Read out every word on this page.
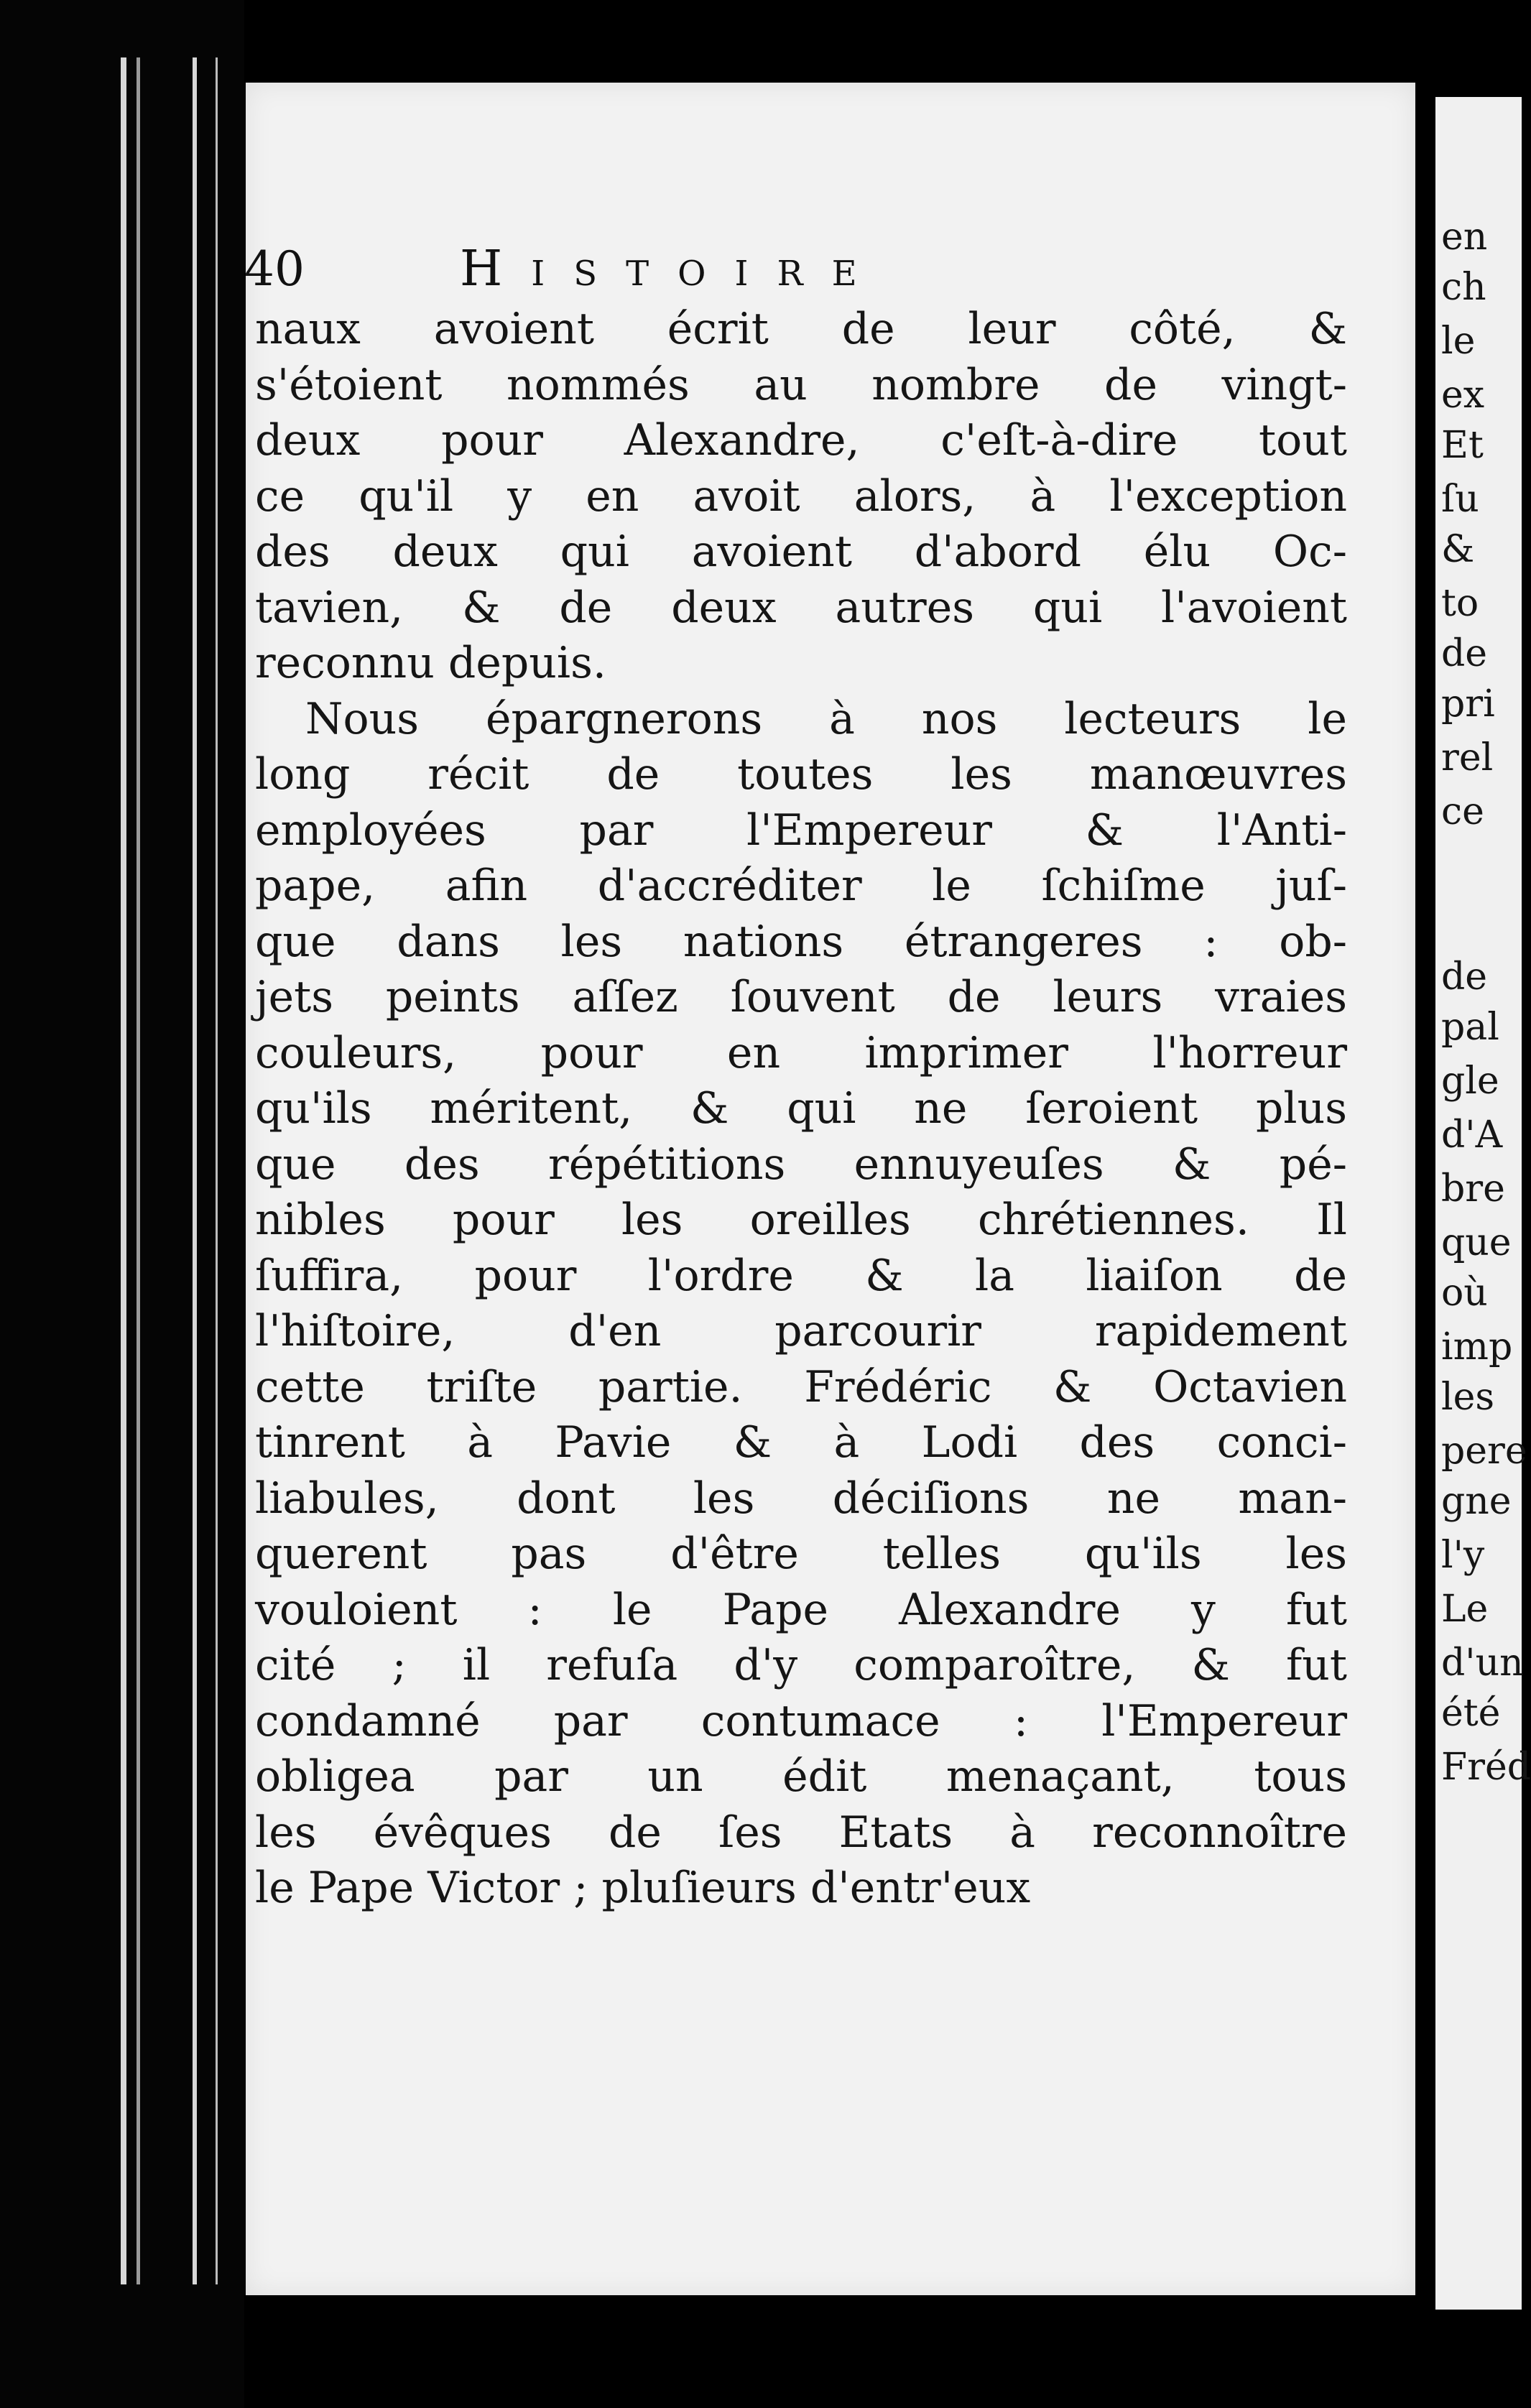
40	Histoire
naux avoient écrit de leur côté, &
s'étoient nommés au nombre de vingt-
deux pour Alexandre, c'eſt-à-dire tout
ce qu'il y en avoit alors, à l'exception
des deux qui avoient d'abord élu Oc-
tavien, & de deux autres qui l'avoient
reconnu depuis.
Nous épargnerons à nos lecteurs le
long récit de toutes les manœuvres
employées par l'Empereur & l'Anti-
pape, afin d'accréditer le ſchiſme juſ-
que dans les nations étrangeres : ob-
jets peints aſſez ſouvent de leurs vraies
couleurs, pour en imprimer l'horreur
qu'ils méritent, & qui ne ſeroient plus
que des répétitions ennuyeuſes & pé-
nibles pour les oreilles chrétiennes. Il
ſuffira, pour l'ordre & la liaiſon de
l'hiſtoire, d'en parcourir rapidement
cette triſte partie. Frédéric & Octavien
tinrent à Pavie & à Lodi des conci-
liabules, dont les déciſions ne man-
querent pas d'être telles qu'ils les
vouloient : le Pape Alexandre y fut
cité ; il refuſa d'y comparoître, & fut
condamné par contumace : l'Empereur
obligea par un édit menaçant, tous
les évêques de ſes Etats à reconnoître
le Pape Victor ; pluſieurs d'entr'eux
en
ch
le
ex
Et
ſu
&
to
de
pri
rel
ce
de
pal
gle
d'A
bre
que
où
imp
les
pere
gne
l'y
Le
d'un
été
Fréd
